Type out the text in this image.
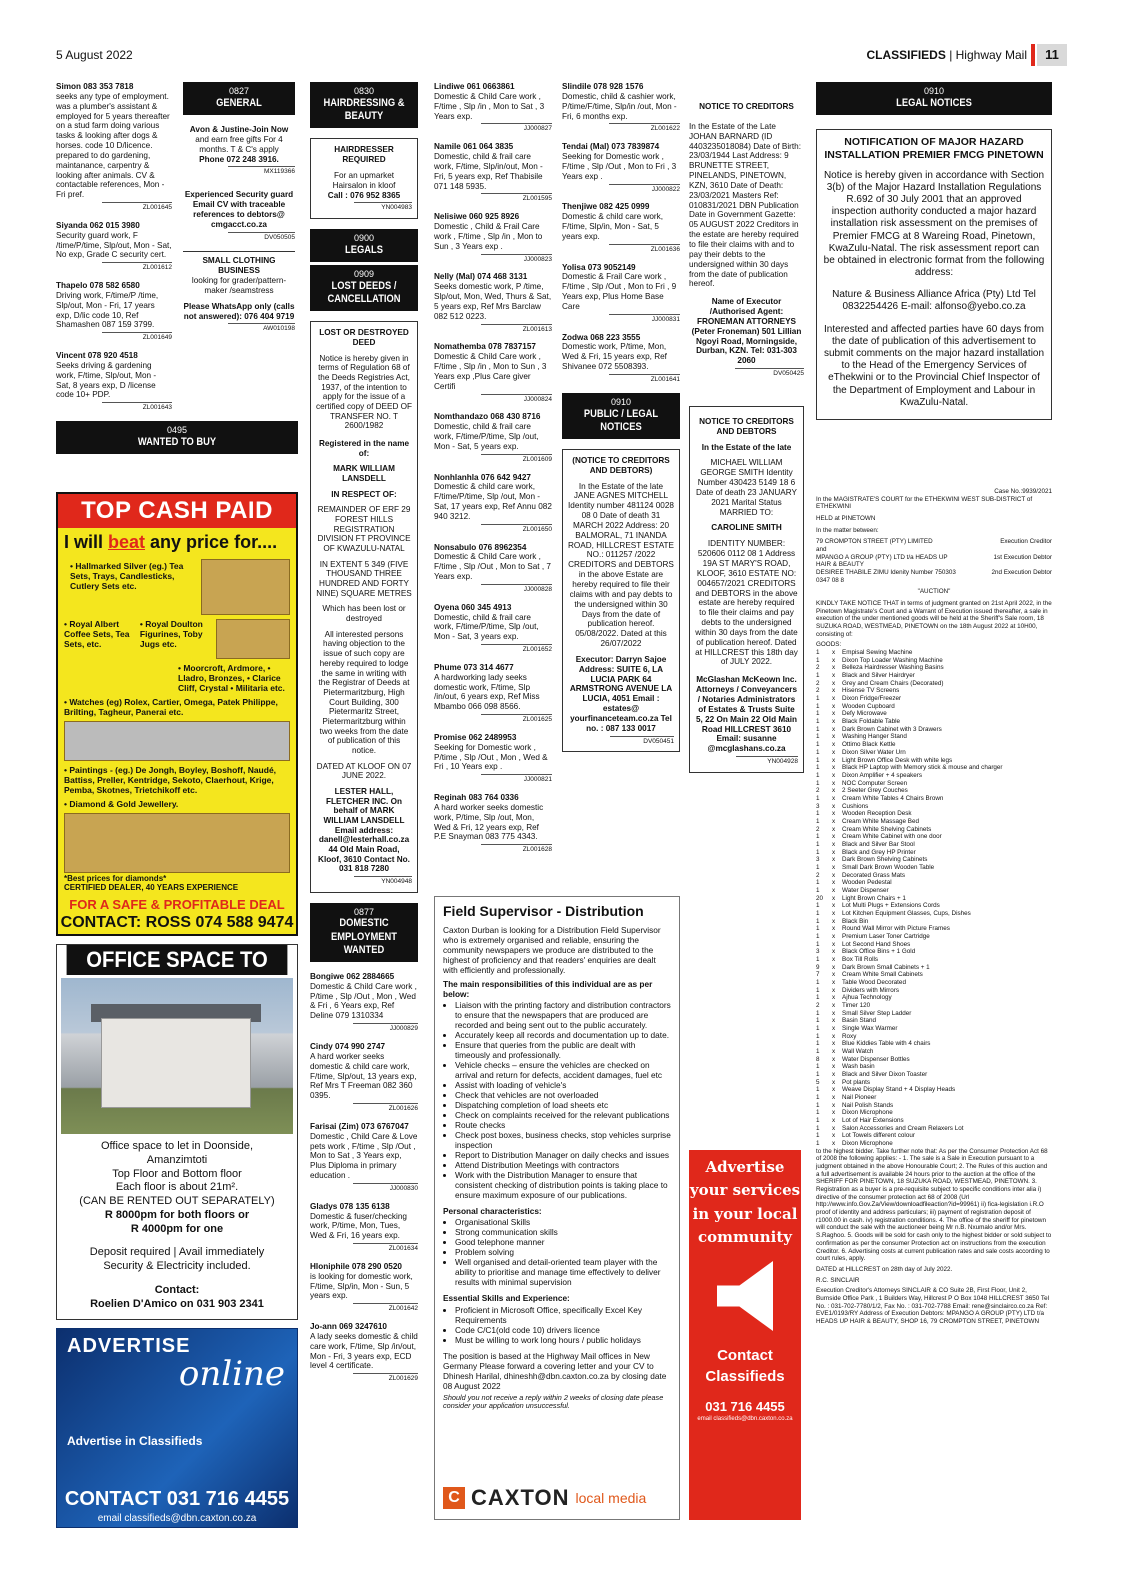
5 August 2022	CLASSIFIEDS | Highway Mail	11
Simon 083 353 7818
seeks any type of employment. was a plumber's assistant & employed for 5 years thereafter on a stud farm doing various tasks & looking after dogs & horses. code 10 D/licence. prepared to do gardening, maintanance, carpentry & looking after animals. CV & contactable references, Mon - Fri pref.
ZL001645
Siyanda 062 015 3980
Security guard work, F /time/P/time, Slp/out, Mon - Sat, No exp, Grade C security cert.
ZL001612
Thapelo 078 582 6580
Driving work, F/time/P /time, Slp/out, Mon - Fri, 17 years exp, D/lic code 10, Ref Shamashen 087 159 3799.
ZL001649
Vincent 078 920 4518
Seeks driving & gardening work, F/time, Slp/out, Mon - Sat, 8 years exp, D /license code 10+ PDP.
ZL001643
0495
WANTED TO BUY
TOP CASH PAID
I will beat any price for....
• Hallmarked Silver (eg.) Tea Sets, Trays, Candlesticks, Cutlery Sets etc.
• Royal Albert Coffee Sets, Tea Sets, etc.
• Royal Doulton Figurines, Toby Jugs etc.
• Moorcroft, Ardmore, • Lladro, Bronzes, • Clarice Cliff, Crystal • Militaria etc.
• Watches (eg) Rolex, Cartier, Omega, Patek Philippe, Brilting, Tagheur, Panerai etc.
• Paintings - (eg.) De Jongh, Boyley, Boshoff, Naudé, Battiss, Preller, Kentridge, Sekoto, Claerhout, Krige, Pemba, Skotnes, Trietchikoff etc.
• Diamond & Gold Jewellery.
*Best prices for diamonds*
CERTIFIED DEALER, 40 YEARS EXPERIENCE
FOR A SAFE & PROFITABLE DEAL
CONTACT: ROSS 074 588 9474
OFFICE SPACE TO
Office space to let in Doonside,
Amanzimtoti
Top Floor and Bottom floor
Each floor is about 21m².
(CAN BE RENTED OUT SEPARATELY)
R 8000pm for both floors or
R 4000pm for one
Deposit required | Avail immediately
Security & Electricity included.
Contact:
Roelien D'Amico on 031 903 2341
ADVERTISE
online
Advertise in Classifieds
CONTACT 031 716 4455
email classifieds@dbn.caxton.co.za
0827
GENERAL
Avon & Justine-Join Now
and earn free gifts For 4 months. T & C's apply
Phone 072 248 3916.
MX119366
Experienced Security guard
Email CV with traceable references to debtors@ cmgacct.co.za
DV050505
SMALL CLOTHING BUSINESS
looking for grader/pattern-maker /seamstress
Please WhatsApp only (calls not answered): 076 404 9719
AW010198
0830
HAIRDRESSING & BEAUTY
HAIRDRESSER REQUIRED
For an upmarket Hairsalon in kloof
Call : 076 952 8365
YN004983
0900
LEGALS
0909
LOST DEEDS / CANCELLATION
LOST OR DESTROYED DEED
Notice is hereby given in terms of Regulation 68 of the Deeds Registries Act, 1937, of the intention to apply for the issue of a certified copy of DEED OF TRANSFER NO. T 2600/1982
Registered in the name of:
MARK WILLIAM LANSDELL
IN RESPECT OF:
REMAINDER OF ERF 29 FOREST HILLS REGISTRATION DIVISION FT PROVINCE OF KWAZULU-NATAL
IN EXTENT 5 349 (FIVE THOUSAND THREE HUNDRED AND FORTY NINE) SQUARE METRES
Which has been lost or destroyed
All interested persons having objection to the issue of such copy are hereby required to lodge the same in writing with the Registrar of Deeds at Pietermaritzburg, High Court Building, 300 Pietermaritz Street, Pietermaritzburg within two weeks from the date of publication of this notice.
DATED AT KLOOF ON 07 JUNE 2022.
LESTER HALL, FLETCHER INC. On behalf of MARK WILLIAM LANSDELL Email address: danell@lesterhall.co.za 44 Old Main Road, Kloof, 3610 Contact No. 031 818 7280
YN004948
0877
DOMESTIC EMPLOYMENT WANTED
Bongiwe 062 2884665
Domestic & Child Care work , P/time , Slp /Out , Mon , Wed & Fri , 6 Years exp, Ref Deline 079 1310334
JJ000829
Cindy 074 990 2747
A hard worker seeks domestic & child care work, F/time, Slp/out, 13 years exp, Ref Mrs T Freeman 082 360 0395.
ZL001626
Farisai (Zim) 073 6767047
Domestic , Child Care & Love pets work , F/time , Slp /Out , Mon to Sat , 3 Years exp, Plus Diploma in primary education .
JJ000830
Gladys 078 135 6138
Domestic & fuser/checking work, P/time, Mon, Tues, Wed & Fri, 16 years exp.
ZL001634
Hloniphile 078 290 0520
is looking for domestic work, F/time, Slp/in, Mon - Sun, 5 years exp.
ZL001642
Jo-ann 069 3247610
A lady seeks domestic & child care work, F/time, Slp /in/out, Mon - Fri, 3 years exp, ECD level 4 certificate.
ZL001629
Lindiwe 061 0663861
Domestic & Child Care work , F/time , Slp /in , Mon to Sat , 3 Years exp.
JJ000827
Namile 061 064 3835
Domestic, child & frail care work, F/time, Slp/in/out, Mon - Fri, 5 years exp, Ref Thabisile 071 148 5935.
ZL001595
Nelisiwe 060 925 8926
Domestic , Child & Frail Care work , F/time , Slp /in , Mon to Sun , 3 Years exp .
JJ000823
Nelly (Mal) 074 468 3131
Seeks domestic work, P /time, Slp/out, Mon, Wed, Thurs & Sat, 5 years exp, Ref Mrs Barclaw 082 512 0223.
ZL001613
Nomathemba 078 7837157
Domestic & Child Care work , F/time , Slp /in , Mon to Sun , 3 Years exp ,Plus Care giver Certifi
JJ000824
Nomthandazo 068 430 8716
Domestic, child & frail care work, F/time/P/time, Slp /out, Mon - Sat, 5 years exp.
ZL001609
Nonhlanhla 076 642 9427
Domestic & child care work, F/time/P/time, Slp /out, Mon - Sat, 17 years exp, Ref Annu 082 940 3212.
ZL001650
Nonsabulo 076 8962354
Domestic & Child Care work , F/time , Slp /Out , Mon to Sat , 7 Years exp.
JJ000828
Oyena 060 345 4913
Domestic, child & frail care work, F/time/P/time, Slp /out, Mon - Sat, 3 years exp.
ZL001652
Phume 073 314 4677
A hardworking lady seeks domestic work, F/time, Slp /in/out, 6 years exp, Ref Miss Mbambo 066 098 8566.
ZL001625
Promise 062 2489953
Seeking for Domestic work , P/time , Slp /Out , Mon , Wed & Fri , 10 Years exp .
JJ000821
Reginah 083 764 0336
A hard worker seeks domestic work, P/time, Slp /out, Mon, Wed & Fri, 12 years exp, Ref P.E Snayman 083 775 4343.
ZL001628
Field Supervisor - Distribution
Caxton Durban is looking for a Distribution Field Supervisor who is extremely organised and reliable, ensuring the community newspapers we produce are distributed to the highest of proficiency and that readers' enquiries are dealt with efficiently and professionally.
The main responsibilities of this individual are as per below:
• Liaison with the printing factory and distribution contractors to ensure that the newspapers that are produced are recorded and being sent out to the public accurately.
• Accurately keep all records and documentation up to date.
• Ensure that queries from the public are dealt with timeously and professionally.
• Vehicle checks – ensure the vehicles are checked on arrival and return for defects, accident damages, fuel etc
• Assist with loading of vehicle's
• Check that vehicles are not overloaded
• Dispatching completion of load sheets etc
• Check on complaints received for the relevant publications
• Route checks
• Check post boxes, business checks, stop vehicles surprise inspection
• Report to Distribution Manager on daily checks and issues
• Attend Distribution Meetings with contractors
• Work with the Distribution Manager to ensure that consistent checking of distribution points is taking place to ensure maximum exposure of our publications.
Personal characteristics:
• Organisational Skills
• Strong communication skills
• Good telephone manner
• Problem solving
• Well organised and detail-oriented team player with the ability to prioritise and manage time effectively to deliver results with minimal supervision
Essential Skills and Experience:
• Proficient in Microsoft Office, specifically Excel Key Requirements
• Code C/C1(old code 10) drivers licence
• Must be willing to work long hours / public holidays
The position is based at the Highway Mail offices in New Germany Please forward a covering letter and your CV to Dhinesh Harilal, dhineshh@dbn.caxton.co.za by closing date 08 August 2022
Should you not receive a reply within 2 weeks of closing date please consider your application unsuccessful.
C CAXTON local media
Slindile 078 928 1576
Domestic, child & cashier work, P/time/F/time, Slp/in /out, Mon - Fri, 6 months exp.
ZL001622
Tendai (Mal) 073 7839874
Seeking for Domestic work , F/time , Slp /Out , Mon to Fri , 3 Years exp .
JJ000822
Thenjiwe 082 425 0999
Domestic & child care work, F/time, Slp/in, Mon - Sat, 5 years exp.
ZL001636
Yolisa 073 9052149
Domestic & Frail Care work , F/time , Slp /Out , Mon to Fri , 9 Years exp, Plus Home Base Care
JJ000831
Zodwa 068 223 3555
Domestic work, P/time, Mon, Wed & Fri, 15 years exp, Ref Shivanee 072 5508393.
ZL001641
0910
PUBLIC / LEGAL NOTICES
(NOTICE TO CREDITORS AND DEBTORS)
In the Estate of the late JANE AGNES MITCHELL Identity number 481124 0028 08 0 Date of death 31 MARCH 2022 Address: 20 BALMORAL, 71 INANDA ROAD, HILLCREST ESTATE NO.: 011257 /2022 CREDITORS and DEBTORS in the above Estate are hereby required to file their claims with and pay debts to the undersigned within 30 Days from the date of publication hereof. 05/08/2022. Dated at this 26/07/2022
Executor: Darryn Sajoe Address: SUITE 6, LA LUCIA PARK 64 ARMSTRONG AVENUE LA LUCIA, 4051 Email : estates@ yourfinanceteam.co.za Tel no. : 087 133 0017
DV050451
NOTICE TO CREDITORS
In the Estate of the Late JOHAN BARNARD (ID 4403235018084) Date of Birth: 23/03/1944 Last Address: 9 BRUNETTE STREET, PINELANDS, PINETOWN, KZN, 3610 Date of Death: 23/03/2021 Masters Ref: 010831/2021 DBN Publication Date in Government Gazette: 05 AUGUST 2022 Creditors in the estate are hereby required to file their claims with and to pay their debts to the undersigned within 30 days from the date of publication hereof.
Name of Executor /Authorised Agent: FRONEMAN ATTORNEYS (Peter Froneman) 501 Lillian Ngoyi Road, Morningside, Durban, KZN. Tel: 031-303 2060
DV050425
NOTICE TO CREDITORS AND DEBTORS
In the Estate of the late
MICHAEL WILLIAM GEORGE SMITH Identity Number 430423 5149 18 6 Date of death 23 JANUARY 2021 Marital Status MARRIED TO:
CAROLINE SMITH
IDENTITY NUMBER: 520606 0112 08 1 Address 19A ST MARY'S ROAD, KLOOF, 3610 ESTATE NO: 004657/2021 CREDITORS and DEBTORS in the above estate are hereby required to file their claims and pay debts to the undersigned within 30 days from the date of publication hereof. Dated at HILLCREST this 18th day of JULY 2022.
McGlashan McKeown Inc. Attorneys / Conveyancers / Notaries Administrators of Estates & Trusts Suite 5, 22 On Main 22 Old Main Road HILLCREST 3610 Email: susanne @mcglashans.co.za
YN004928
Advertise your services in your local community
Contact Classifieds
031 716 4455
email classifieds@dbn.caxton.co.za
0910
LEGAL NOTICES
NOTIFICATION OF MAJOR HAZARD INSTALLATION PREMIER FMCG PINETOWN
Notice is hereby given in accordance with Section 3(b) of the Major Hazard Installation Regulations R.692 of 30 July 2001 that an approved inspection authority conducted a major hazard installation risk assessment on the premises of Premier FMCG at 8 Wareing Road, Pinetown, KwaZulu-Natal. The risk assessment report can be obtained in electronic format from the following address:
Nature & Business Alliance Africa (Pty) Ltd Tel 0832254426 E-mail: alfonso@yebo.co.za
Interested and affected parties have 60 days from the date of publication of this advertisement to submit comments on the major hazard installation to the Head of the Emergency Services of eThekwini or to the Provincial Chief Inspector of the Department of Employment and Labour in KwaZulu-Natal.
Case No.:9939/2021
In the MAGISTRATE'S COURT for the ETHEKWINI WEST SUB-DISTRICT of ETHEKWINI
HELD at PINETOWN
In the matter between:
79 CROMPTON STREET (PTY) LIMITED	Execution Creditor
and
MPANGO A GROUP (PTY) LTD t/a HEADS UP HAIR & BEAUTY
1st Execution Debtor
DESIREE THABILE ZIMU Idenity Number 750303 0347 08 8
2nd Execution Debtor
"AUCTION"
KINDLY TAKE NOTICE THAT in terms of judgment granted on 21st April 2022, in the Pinetown Magistrate's Court and a Warrant of Execution issued thereafter, a sale in execution of the under mentioned goods will be held at the Sheriff's Sale room, 18 SUZUKA ROAD, WESTMEAD, PINETOWN on the 18th August 2022 at 10H00, consisting of:
GOODS:
1	x	Empisal Sewing Machine
1	x	Dixon Top Loader Washing Machine
2	x	Belleza Hairdresser Washing Basins
1	x	Black and Silver Hairdryer
2	x	Grey and Cream Chairs (Decorated)
2	x	Hisense TV Screens
1	x	Dixon Fridge/Freezer
1	x	Wooden Cupboard
1	x	Defy Microwave
1	x	Black Foldable Table
1	x	Dark Brown Cabinet with 3 Drawers
1	x	Washing Hanger Stand
1	x	Ottimo Black Kettle
1	x	Dixon Silver Water Urn
1	x	Light Brown Office Desk with white legs
1	x	Black HP Laptop with Memory stick & mouse and charger
1	x	Dixon Amplifier + 4 speakers
1	x	NOC Computer Screen
2	x	2 Seeter Grey Couches
1	x	Cream White Tables 4 Chairs Brown
3	x	Cushions
1	x	Wooden Reception Desk
1	x	Cream White Massage Bed
2	x	Cream White Shelving Cabinets
1	x	Cream White Cabinet with one door
1	x	Black and Silver Bar Stool
1	x	Black and Grey HP Printer
3	x	Dark Brown Shelving Cabinets
1	x	Small Dark Brown Wooden Table
2	x	Decorated Grass Mats
1	x	Wooden Pedestal
1	x	Water Dispenser
20	x	Light Brown Chairs + 1
1	x	Lot Multi Plugs + Extensions Cords
1	x	Lot Kitchen Equipment Glasses, Cups, Dishes
1	x	Black Bin
1	x	Round Wall Mirror with Picture Frames
1	x	Premium Laser Toner Cartridge
1	x	Lot Second Hand Shoes
3	x	Black Office Bins + 1 Gold
1	x	Box Till Rolls
9	x	Dark Brown Small Cabinets + 1
7	x	Cream White Small Cabinets
1	x	Table Wood Decorated
1	x	Dividers with Mirrors
1	x	Ajhua Technology
2	x	Timer 120
1	x	Small Silver Step Ladder
1	x	Basin Stand
1	x	Single Wax Warmer
1	x	Roxy
1	x	Blue Kiddies Table with 4 chairs
1	x	Wall Watch
8	x	Water Dispenser Bottles
1	x	Wash basin
1	x	Black and Silver Dixon Toaster
5	x	Pot plants
1	x	Weave Display Stand + 4 Display Heads
1	x	Nail Pioneer
1	x	Nail Polish Stands
1	x	Dixon Microphone
1	x	Lot of Hair Extensions
1	x	Salon Accessories and Cream Relaxers Lot
1	x	Lot Towels different colour
1	x	Dixon Microphone
to the highest bidder. Take further note that: As per the Consumer Protection Act 68 of 2008 the following applies: - 1. The sale is a Sale in Execution pursuant to a judgment obtained in the above Honourable Court; 2. The Rules of this auction and a full advertisement is available 24 hours prior to the auction at the office of the SHERIFF FOR PINETOWN, 18 SUZUKA ROAD, WESTMEAD, PINETOWN. 3. Registration as a buyer is a pre-requisite subject to specific conditions inter alia i) directive of the consumer protection act 68 of 2008 (Url http://www.info.Gov.Za/View/downloadfileaction?id=99961) ii) fica-legislation i.R.O proof of identity and address particulars; iii) payment of registration deposit of r1000.00 in cash. iv) registration conditions. 4. The office of the sheriff for pinetown will conduct the sale with the auctioneer being Mr n.B. Nxumalo and/or Mrs. S.Raghoo. 5. Goods will be sold for cash only to the highest bidder or sold subject to confirmation as per the consumer Protection act on instructions from the execution Creditor. 6. Advertising costs at current publication rates and sale costs according to court rules, apply.
DATED at HILLCREST on 28th day of July 2022.
R.C. SINCLAIR
Execution Creditor's Attorneys SINCLAIR & CO Suite 2B, First Floor, Unit 2, Burnside Office Park , 1 Builders Way, Hillcrest P O Box 1048 HILLCREST 3650 Tel No. : 031-702-7780/1/2, Fax No. : 031-702-7788 Email: rene@sinclairco.co.za Ref: EVE1/0193/RY Address of Execution Debtors: MPANGO A GROUP (PTY) LTD t/a HEADS UP HAIR & BEAUTY, SHOP 16, 79 CROMPTON STREET, PINETOWN
